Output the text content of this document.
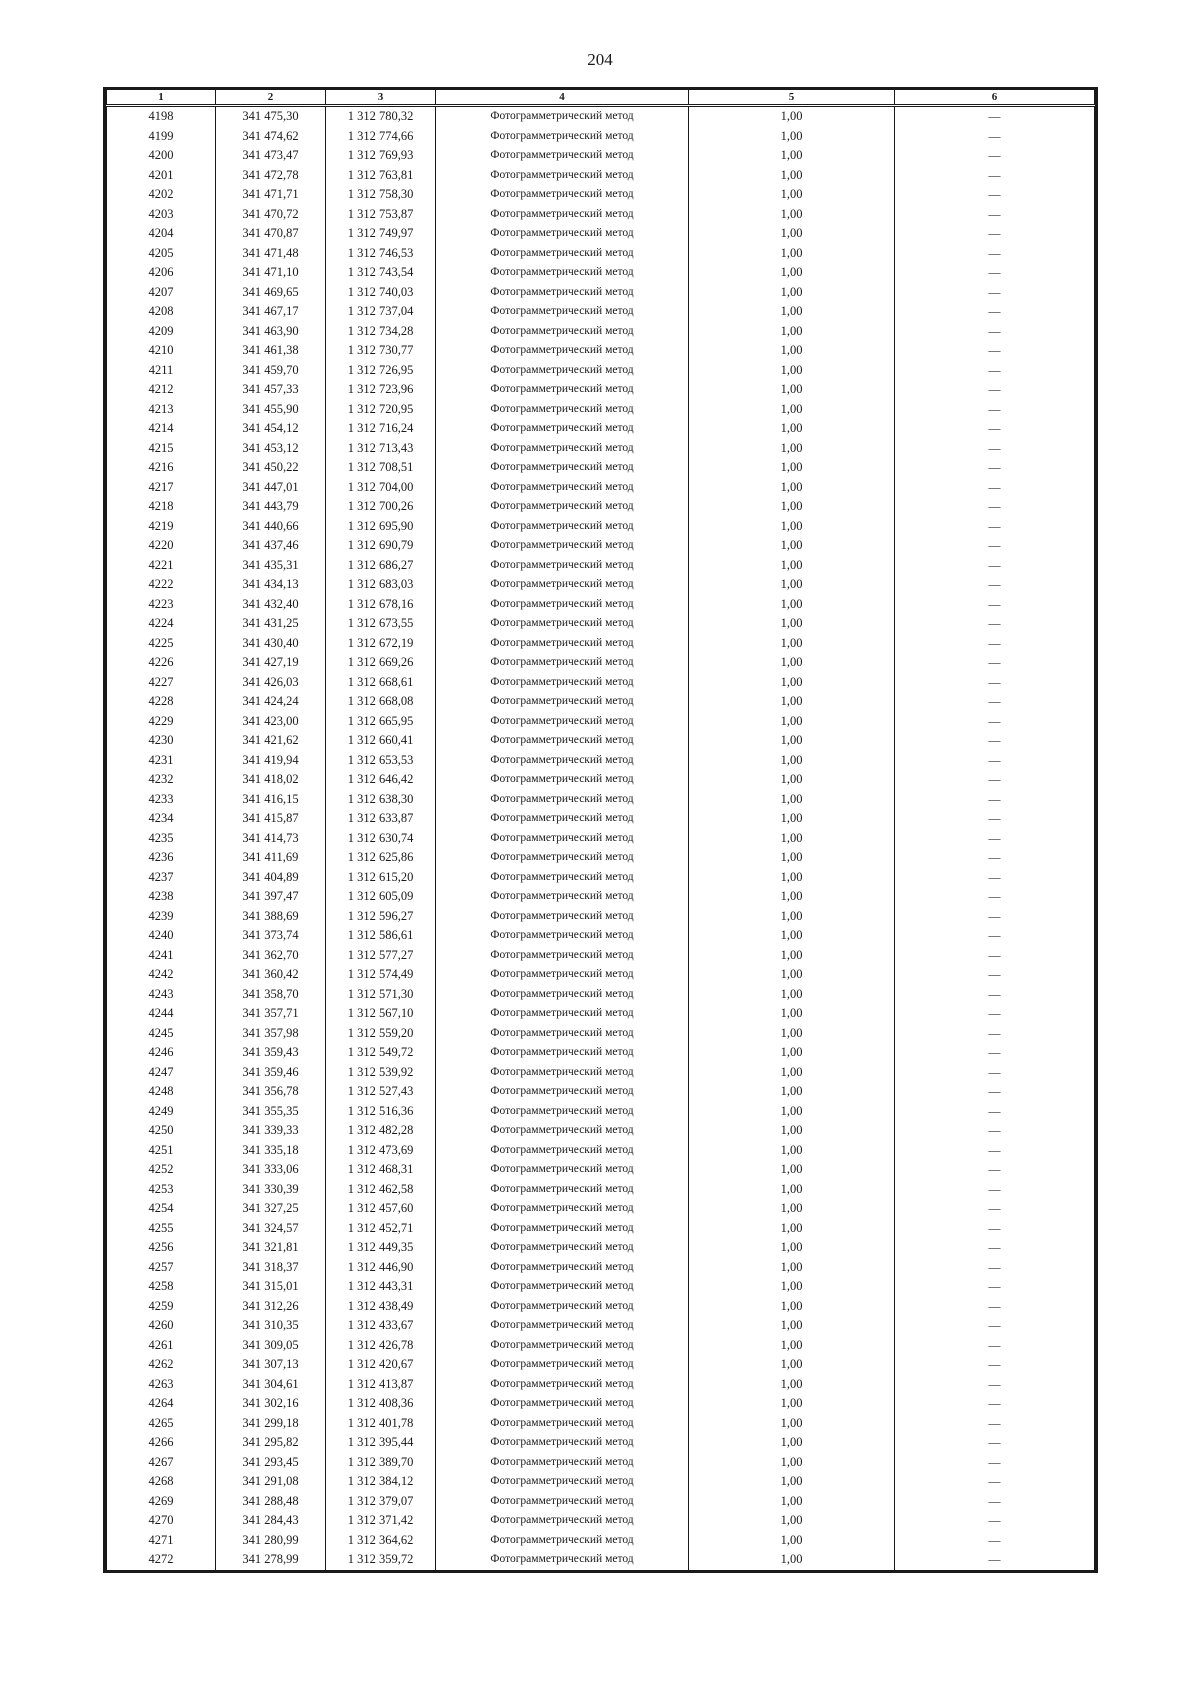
204
1	2	3	4	5	6
4198	341 475,30	1 312 780,32	Фотограмметрический метод	1,00	—
4199	341 474,62	1 312 774,66	Фотограмметрический метод	1,00	—
4200	341 473,47	1 312 769,93	Фотограмметрический метод	1,00	—
4201	341 472,78	1 312 763,81	Фотограмметрический метод	1,00	—
4202	341 471,71	1 312 758,30	Фотограмметрический метод	1,00	—
4203	341 470,72	1 312 753,87	Фотограмметрический метод	1,00	—
4204	341 470,87	1 312 749,97	Фотограмметрический метод	1,00	—
4205	341 471,48	1 312 746,53	Фотограмметрический метод	1,00	—
4206	341 471,10	1 312 743,54	Фотограмметрический метод	1,00	—
4207	341 469,65	1 312 740,03	Фотограмметрический метод	1,00	—
4208	341 467,17	1 312 737,04	Фотограмметрический метод	1,00	—
4209	341 463,90	1 312 734,28	Фотограмметрический метод	1,00	—
4210	341 461,38	1 312 730,77	Фотограмметрический метод	1,00	—
4211	341 459,70	1 312 726,95	Фотограмметрический метод	1,00	—
4212	341 457,33	1 312 723,96	Фотограмметрический метод	1,00	—
4213	341 455,90	1 312 720,95	Фотограмметрический метод	1,00	—
4214	341 454,12	1 312 716,24	Фотограмметрический метод	1,00	—
4215	341 453,12	1 312 713,43	Фотограмметрический метод	1,00	—
4216	341 450,22	1 312 708,51	Фотограмметрический метод	1,00	—
4217	341 447,01	1 312 704,00	Фотограмметрический метод	1,00	—
4218	341 443,79	1 312 700,26	Фотограмметрический метод	1,00	—
4219	341 440,66	1 312 695,90	Фотограмметрический метод	1,00	—
4220	341 437,46	1 312 690,79	Фотограмметрический метод	1,00	—
4221	341 435,31	1 312 686,27	Фотограмметрический метод	1,00	—
4222	341 434,13	1 312 683,03	Фотограмметрический метод	1,00	—
4223	341 432,40	1 312 678,16	Фотограмметрический метод	1,00	—
4224	341 431,25	1 312 673,55	Фотограмметрический метод	1,00	—
4225	341 430,40	1 312 672,19	Фотограмметрический метод	1,00	—
4226	341 427,19	1 312 669,26	Фотограмметрический метод	1,00	—
4227	341 426,03	1 312 668,61	Фотограмметрический метод	1,00	—
4228	341 424,24	1 312 668,08	Фотограмметрический метод	1,00	—
4229	341 423,00	1 312 665,95	Фотограмметрический метод	1,00	—
4230	341 421,62	1 312 660,41	Фотограмметрический метод	1,00	—
4231	341 419,94	1 312 653,53	Фотограмметрический метод	1,00	—
4232	341 418,02	1 312 646,42	Фотограмметрический метод	1,00	—
4233	341 416,15	1 312 638,30	Фотограмметрический метод	1,00	—
4234	341 415,87	1 312 633,87	Фотограмметрический метод	1,00	—
4235	341 414,73	1 312 630,74	Фотограмметрический метод	1,00	—
4236	341 411,69	1 312 625,86	Фотограмметрический метод	1,00	—
4237	341 404,89	1 312 615,20	Фотограмметрический метод	1,00	—
4238	341 397,47	1 312 605,09	Фотограмметрический метод	1,00	—
4239	341 388,69	1 312 596,27	Фотограмметрический метод	1,00	—
4240	341 373,74	1 312 586,61	Фотограмметрический метод	1,00	—
4241	341 362,70	1 312 577,27	Фотограмметрический метод	1,00	—
4242	341 360,42	1 312 574,49	Фотограмметрический метод	1,00	—
4243	341 358,70	1 312 571,30	Фотограмметрический метод	1,00	—
4244	341 357,71	1 312 567,10	Фотограмметрический метод	1,00	—
4245	341 357,98	1 312 559,20	Фотограмметрический метод	1,00	—
4246	341 359,43	1 312 549,72	Фотограмметрический метод	1,00	—
4247	341 359,46	1 312 539,92	Фотограмметрический метод	1,00	—
4248	341 356,78	1 312 527,43	Фотограмметрический метод	1,00	—
4249	341 355,35	1 312 516,36	Фотограмметрический метод	1,00	—
4250	341 339,33	1 312 482,28	Фотограмметрический метод	1,00	—
4251	341 335,18	1 312 473,69	Фотограмметрический метод	1,00	—
4252	341 333,06	1 312 468,31	Фотограмметрический метод	1,00	—
4253	341 330,39	1 312 462,58	Фотограмметрический метод	1,00	—
4254	341 327,25	1 312 457,60	Фотограмметрический метод	1,00	—
4255	341 324,57	1 312 452,71	Фотограмметрический метод	1,00	—
4256	341 321,81	1 312 449,35	Фотограмметрический метод	1,00	—
4257	341 318,37	1 312 446,90	Фотограмметрический метод	1,00	—
4258	341 315,01	1 312 443,31	Фотограмметрический метод	1,00	—
4259	341 312,26	1 312 438,49	Фотограмметрический метод	1,00	—
4260	341 310,35	1 312 433,67	Фотограмметрический метод	1,00	—
4261	341 309,05	1 312 426,78	Фотограмметрический метод	1,00	—
4262	341 307,13	1 312 420,67	Фотограмметрический метод	1,00	—
4263	341 304,61	1 312 413,87	Фотограмметрический метод	1,00	—
4264	341 302,16	1 312 408,36	Фотограмметрический метод	1,00	—
4265	341 299,18	1 312 401,78	Фотограмметрический метод	1,00	—
4266	341 295,82	1 312 395,44	Фотограмметрический метод	1,00	—
4267	341 293,45	1 312 389,70	Фотограмметрический метод	1,00	—
4268	341 291,08	1 312 384,12	Фотограмметрический метод	1,00	—
4269	341 288,48	1 312 379,07	Фотограмметрический метод	1,00	—
4270	341 284,43	1 312 371,42	Фотограмметрический метод	1,00	—
4271	341 280,99	1 312 364,62	Фотограмметрический метод	1,00	—
4272	341 278,99	1 312 359,72	Фотограмметрический метод	1,00	—
